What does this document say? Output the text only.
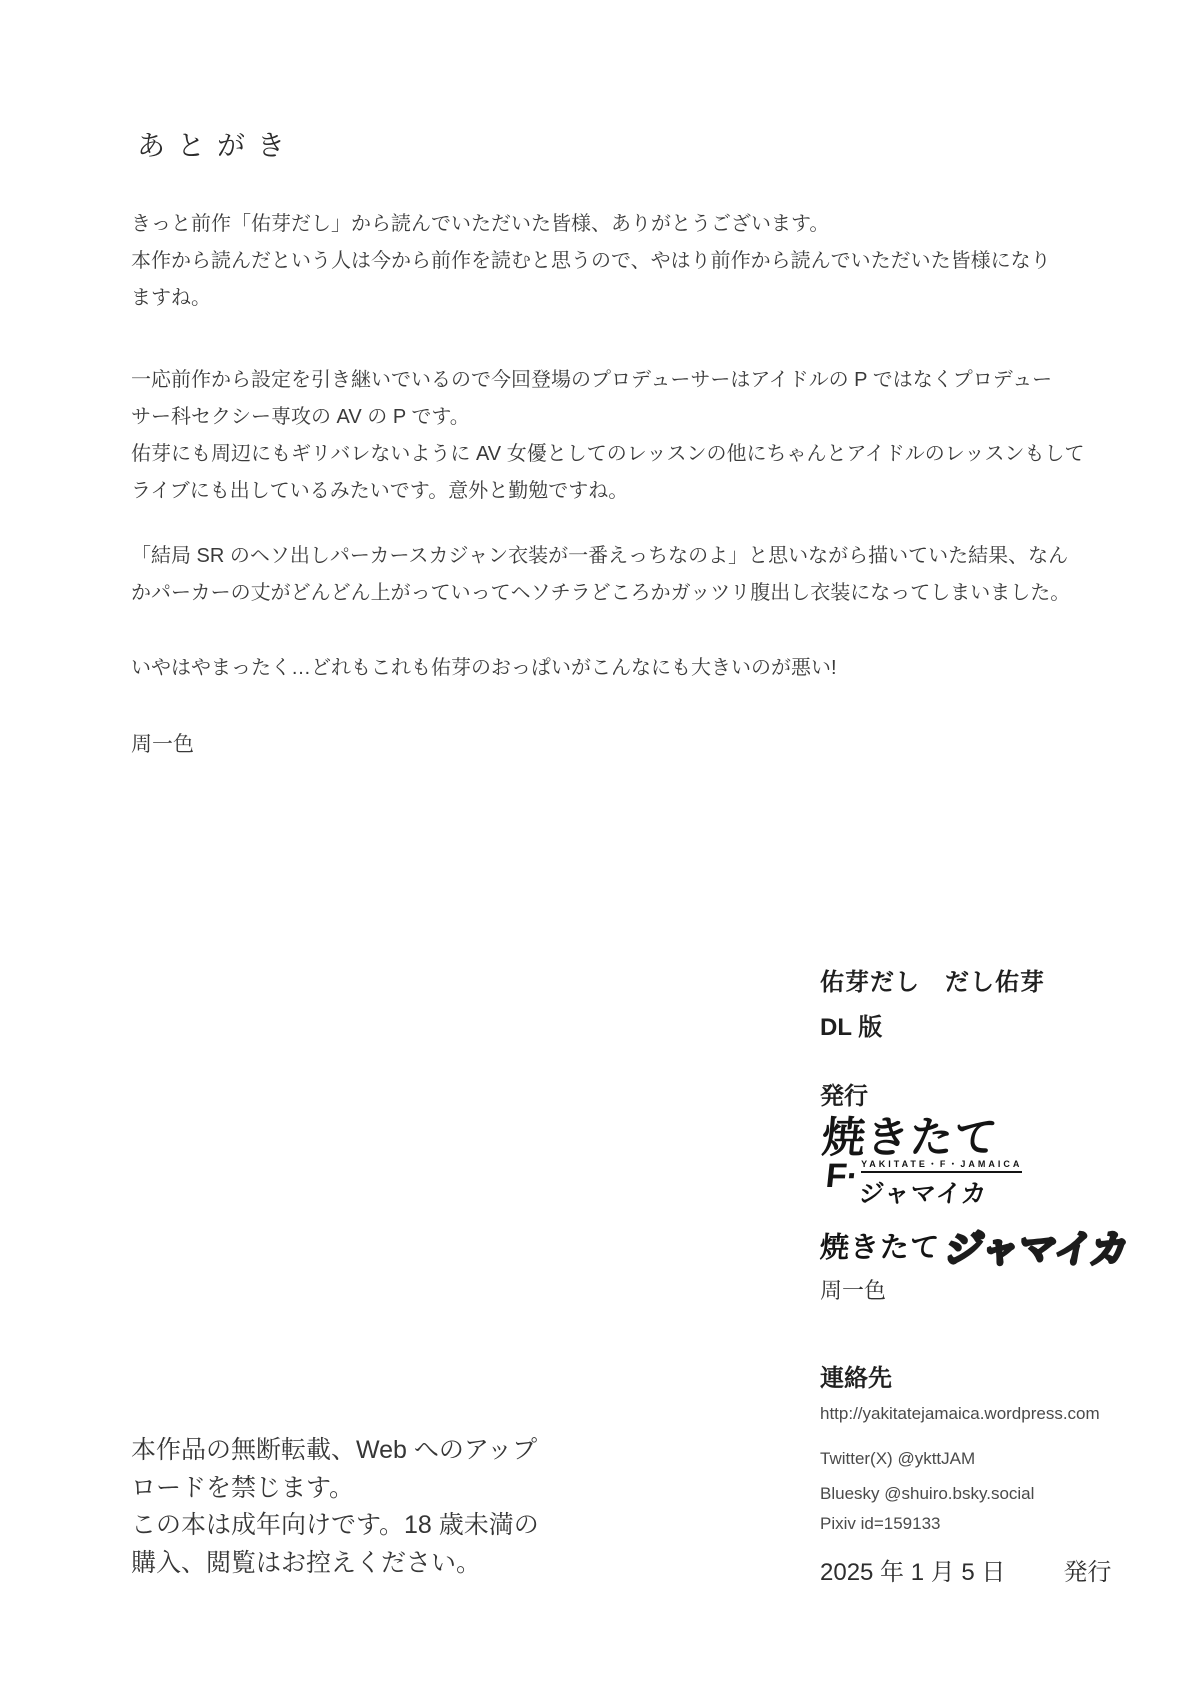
あとがき
きっと前作「佑芽だし」から読んでいただいた皆様、ありがとうございます。
本作から読んだという人は今から前作を読むと思うので、やはり前作から読んでいただいた皆様になり
ますね。
一応前作から設定を引き継いでいるので今回登場のプロデューサーはアイドルの P ではなくプロデュー
サー科セクシー専攻の AV の P です。
佑芽にも周辺にもギリバレないように AV 女優としてのレッスンの他にちゃんとアイドルのレッスンもして
ライブにも出しているみたいです。意外と勤勉ですね。
「結局 SR のヘソ出しパーカースカジャン衣装が一番えっちなのよ」と思いながら描いていた結果、なん
かパーカーの丈がどんどん上がっていってヘソチラどころかガッツリ腹出し衣装になってしまいました。
いやはやまったく…どれもこれも佑芽のおっぱいがこんなにも大きいのが悪い!
周一色
佑芽だし　だし佑芽
DL 版
発行
焼きたて
F· YAKITATE・F・JAMAICA
ジャマイカ
焼きたて ジャマイカ
周一色
連絡先
http://yakitatejamaica.wordpress.com
Twitter(X) @ykttJAM
Bluesky @shuiro.bsky.social
Pixiv id=159133
2025 年 1 月 5 日 発行
本作品の無断転載、Web へのアップ
ロードを禁じます。
この本は成年向けです。18 歳未満の
購入、閲覧はお控えください。
